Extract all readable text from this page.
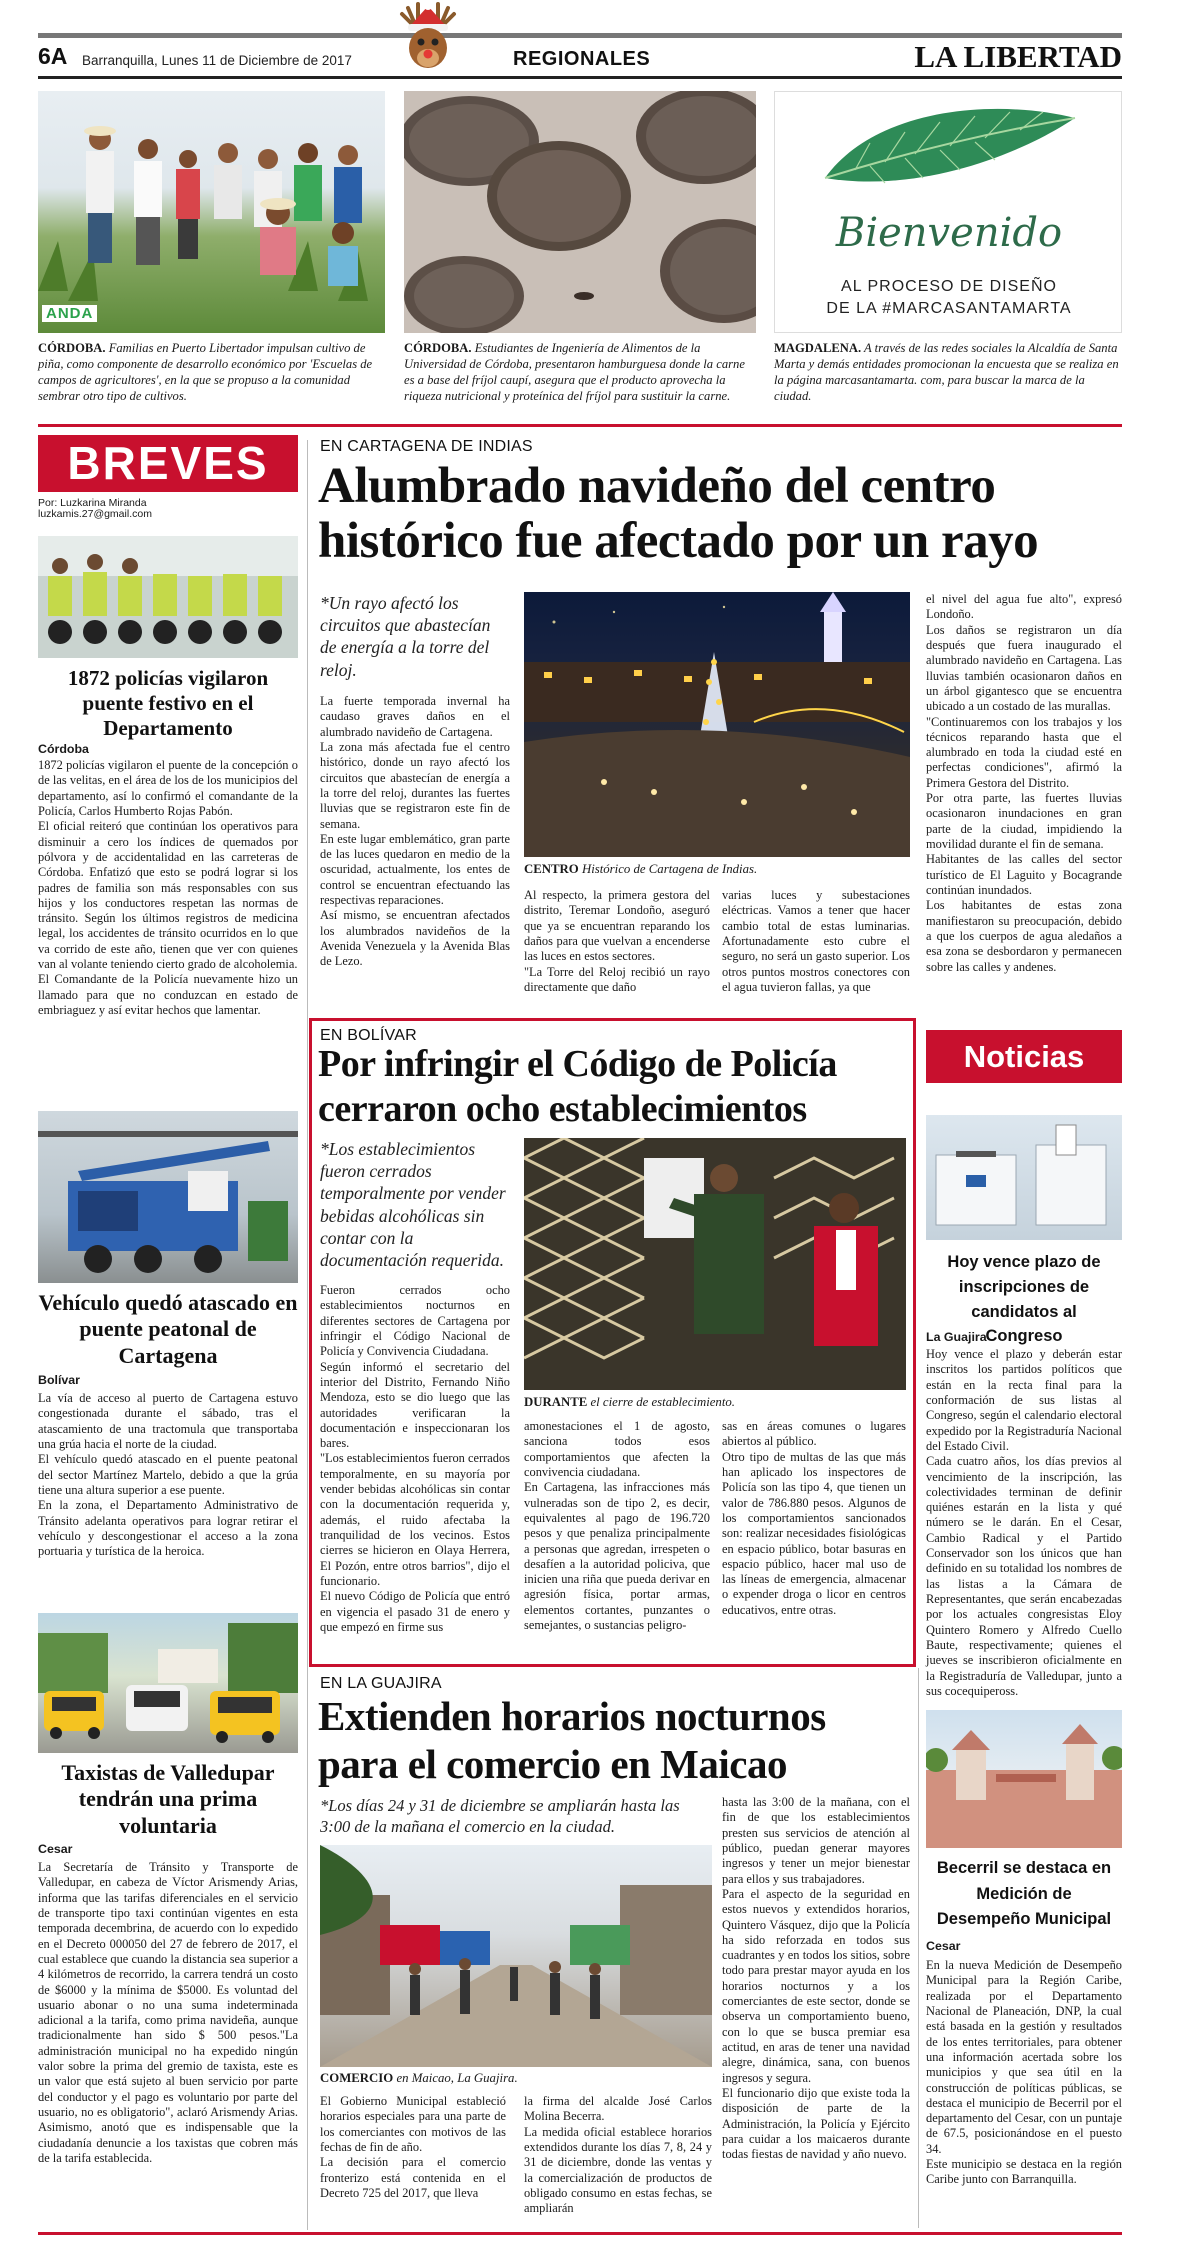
6A Barranquilla, Lunes 11 de Diciembre de 2017	REGIONALES	LA LIBERTAD
ANDA
CÓRDOBA. Familias en Puerto Libertador impulsan cultivo de piña, como componente de desarrollo económico por 'Escuelas de campos de agricultores', en la que se propuso a la comunidad sembrar otro tipo de cultivos.
CÓRDOBA. Estudiantes de Ingeniería de Alimentos de la Universidad de Córdoba, presentaron hamburguesa donde la carne es a base del fríjol caupí, asegura que el producto aprovecha la riqueza nutricional y proteínica del fríjol para sustituir la carne.
Bienvenido
AL PROCESO DE DISEÑO
DE LA #MARCASANTAMARTA
MAGDALENA. A través de las redes sociales la Alcaldía de Santa Marta y demás entidades promocionan la encuesta que se realiza en la página marcasantamarta. com, para buscar la marca de la ciudad.
BREVES
Por: Luzkarina Miranda
luzkamis.27@gmail.com
1872 policías vigilaron puente festivo en el Departamento
Córdoba

1872 policías vigilaron el puente de la concepción o de las velitas, en el área de los de los municipios del departamento, así lo confirmó el comandante de la Policía, Carlos Humberto Rojas Pabón.

El oficial reiteró que continúan los operativos para disminuir a cero los índices de quemados por pólvora y de accidentalidad en las carreteras de Córdoba. Enfatizó que esto se podrá lograr si los padres de familia son más responsables con sus hijos y los conductores respetan las normas de tránsito. Según los últimos registros de medicina legal, los accidentes de tránsito ocurridos en lo que va corrido de este año, tienen que ver con quienes van al volante teniendo cierto grado de alcoholemia.

El Comandante de la Policía nuevamente hizo un llamado para que no conduzcan en estado de embriaguez y así evitar hechos que lamentar.

Vehículo quedó atascado en puente peatonal de Cartagena
Bolívar

La vía de acceso al puerto de Cartagena estuvo congestionada durante el sábado, tras el atascamiento de una tractomula que transportaba una grúa hacia el norte de la ciudad.

El vehículo quedó atascado en el puente peatonal del sector Martínez Martelo, debido a que la grúa tiene una altura superior a ese puente.

En la zona, el Departamento Administrativo de Tránsito adelanta operativos para lograr retirar el vehículo y descongestionar el acceso a la zona portuaria y turística de la heroica.

Taxistas de Valledupar tendrán una prima voluntaria
Cesar

La Secretaría de Tránsito y Transporte de Valledupar, en cabeza de Víctor Arismendy Arias, informa que las tarifas diferenciales en el servicio de transporte tipo taxi continúan vigentes en esta temporada decembrina, de acuerdo con lo expedido en el Decreto 000050 del 27 de febrero de 2017, el cual establece que cuando la distancia sea superior a 4 kilómetros de recorrido, la carrera tendrá un costo de $6000 y la mínima de $5000. Es voluntad del usuario abonar o no una suma indeterminada adicional a la tarifa, como prima navideña, aunque tradicionalmente han sido $ 500 pesos."La administración municipal no ha expedido ningún valor sobre la prima del gremio de taxista, este es un valor que está sujeto al buen servicio por parte del conductor y el pago es voluntario por parte del usuario, no es obligatorio", aclaró Arismendy Arias. Asimismo, anotó que es indispensable que la ciudadanía denuncie a los taxistas que cobren más de la tarifa establecida.

EN CARTAGENA DE INDIAS
Alumbrado navideño del centro
histórico fue afectado por un rayo
*Un rayo afectó los circuitos que abastecían de energía a la torre del reloj.

La fuerte temporada invernal ha caudaso graves daños en el alumbrado navideño de Cartagena.

La zona más afectada fue el centro histórico, donde un rayo afectó los circuitos que abastecían de energía a la torre del reloj, durantes las fuertes lluvias que se registraron este fin de semana.

En este lugar emblemático, gran parte de las luces quedaron en medio de la oscuridad, actualmente, los entes de control se encuentran efectuando las respectivas reparaciones.

Así mismo, se encuentran afectados los alumbrados navideños de la Avenida Venezuela y la Avenida Blas de Lezo.

CENTRO Histórico de Cartagena de Indias.

Al respecto, la primera gestora del distrito, Teremar Londoño, aseguró que ya se encuentran reparando los daños para que vuelvan a encenderse las luces en estos sectores.

"La Torre del Reloj recibió un rayo directamente que daño

varias luces y subestaciones eléctricas. Vamos a tener que hacer cambio total de estas luminarias. Afortunadamente esto cubre el seguro, no será un gasto superior. Los otros puntos mostros conectores con el agua tuvieron fallas, ya que

el nivel del agua fue alto", expresó Londoño.

Los daños se registraron un día después que fuera inaugurado el alumbrado navideño en Cartagena. Las lluvias también ocasionaron daños en un árbol gigantesco que se encuentra ubicado a un costado de las murallas.

"Continuaremos con los trabajos y los técnicos reparando hasta que el alumbrado en toda la ciudad esté en perfectas condiciones", afirmó la Primera Gestora del Distrito.

Por otra parte, las fuertes lluvias ocasionaron inundaciones en gran parte de la ciudad, impidiendo la movilidad durante el fin de semana.

Habitantes de las calles del sector turístico de El Laguito y Bocagrande continúan inundados.

Los habitantes de estas zona manifiestaron su preocupación, debido a que los cuerpos de agua aledaños a esa zona se desbordaron y permanecen sobre las calles y andenes.

EN BOLÍVAR
Por infringir el Código de Policía
cerraron ocho establecimientos
*Los establecimientos fueron cerrados temporalmente por vender bebidas alcohólicas sin contar con la documentación requerida.

Fueron cerrados ocho establecimientos nocturnos en diferentes sectores de Cartagena por infringir el Código Nacional de Policía y Convivencia Ciudadana.

Según informó el secretario del interior del Distrito, Fernando Niño Mendoza, esto se dio luego que las autoridades verificaran la documentación e inspeccionaran los bares.

"Los establecimientos fueron cerrados temporalmente, en su mayoría por vender bebidas alcohólicas sin contar con la documentación requerida y, además, el ruido afectaba la tranquilidad de los vecinos. Estos cierres se hicieron en Olaya Herrera, El Pozón, entre otros barrios", dijo el funcionario.

El nuevo Código de Policía que entró en vigencia el pasado 31 de enero y que empezó en firme sus

DURANTE el cierre de establecimiento.

amonestaciones el 1 de agosto, sanciona todos esos comportamientos que afecten la convivencia ciudadana.

En Cartagena, las infracciones más vulneradas son de tipo 2, es decir, equivalentes al pago de 196.720 pesos y que penaliza principalmente a personas que agredan, irrespeten o desafíen a la autoridad policiva, que inicien una riña que pueda derivar en agresión física, portar armas, elementos cortantes, punzantes o semejantes, o sustancias peligro-

sas en áreas comunes o lugares abiertos al público.

Otro tipo de multas de las que más han aplicado los inspectores de Policía son las tipo 4, que tienen un valor de 786.880 pesos. Algunos de los comportamientos sancionados son: realizar necesidades fisiológicas en espacio público, botar basuras en espacio público, hacer mal uso de las líneas de emergencia, almacenar o expender droga o licor en centros educativos, entre otras.

EN LA GUAJIRA
Extienden horarios nocturnos
para el comercio en Maicao
*Los días 24 y 31 de diciembre se ampliarán hasta las 3:00 de la mañana el comercio en la ciudad.
COMERCIO en Maicao, La Guajira.

El Gobierno Municipal estableció horarios especiales para una parte de los comerciantes con motivos de las fechas de fin de año.

La decisión para el comercio fronterizo está contenida en el Decreto 725 del 2017, que lleva

la firma del alcalde José Carlos Molina Becerra.

La medida oficial establece horarios extendidos durante los días 7, 8, 24 y 31 de diciembre, donde las ventas y la comercialización de productos de obligado consumo en estas fechas, se ampliarán

hasta las 3:00 de la mañana, con el fin de que los establecimientos presten sus servicios de atención al público, puedan generar mayores ingresos y tener un mejor bienestar para ellos y sus trabajadores.

Para el aspecto de la seguridad en estos nuevos y extendidos horarios, Quintero Vásquez, dijo que la Policía ha sido reforzada en todos sus cuadrantes y en todos los sitios, sobre todo para prestar mayor ayuda en los horarios nocturnos y a los comerciantes de este sector, donde se observa un comportamiento bueno, con lo que se busca premiar esa actitud, en aras de tener una navidad alegre, dinámica, sana, con buenos ingresos y segura.

El funcionario dijo que existe toda la disposición de parte de la Administración, la Policía y Ejército para cuidar a los maicaeros durante todas fiestas de navidad y año nuevo.

Noticias
Hoy vence plazo de inscripciones de candidatos al Congreso
La Guajira

Hoy vence el plazo y deberán estar inscritos los partidos políticos que están en la recta final para la conformación de sus listas al Congreso, según el calendario electoral expedido por la Registraduría Nacional del Estado Civil.

Cada cuatro años, los días previos al vencimiento de la inscripción, las colectividades terminan de definir quiénes estarán en la lista y qué número se le darán. En el Cesar, Cambio Radical y el Partido Conservador son los únicos que han definido en su totalidad los nombres de las listas a la Cámara de Representantes, que serán encabezadas por los actuales congresistas Eloy Quintero Romero y Alfredo Cuello Baute, respectivamente; quienes el jueves se inscribieron oficialmente en la Registraduría de Valledupar, junto a sus cocequipeross.

Becerril se destaca en Medición de Desempeño Municipal
Cesar

En la nueva Medición de Desempeño Municipal para la Región Caribe, realizada por el Departamento Nacional de Planeación, DNP, la cual está basada en la gestión y resultados de los entes territoriales, para obtener una información acertada sobre los municipios y que sea útil en la construcción de políticas públicas, se destaca el municipio de Becerril por el departamento del Cesar, con un puntaje de 67.5, posicionándose en el puesto 34.

Este municipio se destaca en la región Caribe junto con Barranquilla.
